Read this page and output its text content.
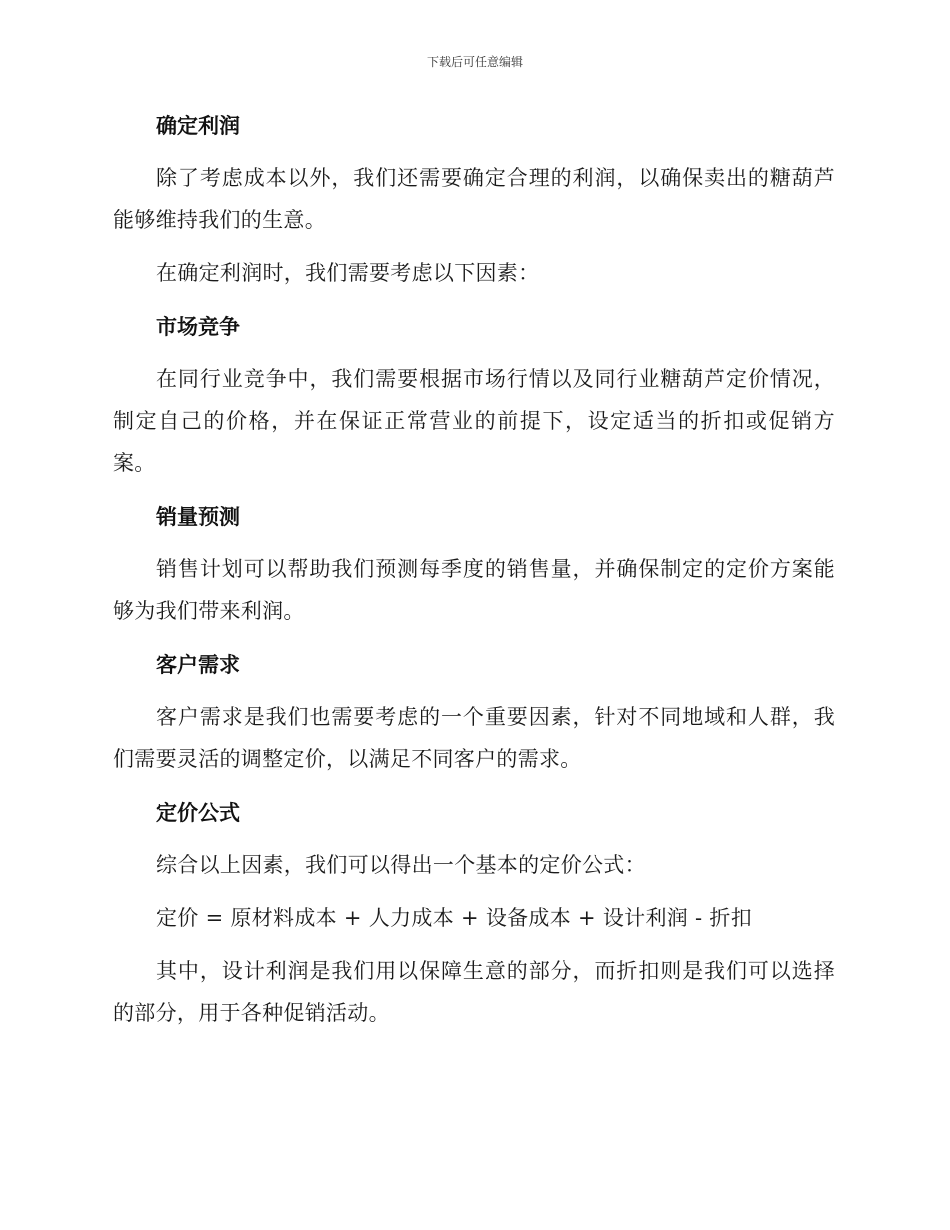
下载后可任意编辑
确定利润

除了考虑成本以外，我们还需要确定合理的利润，以确保卖出的糖葫芦能够维持我们的生意。

在确定利润时，我们需要考虑以下因素：

市场竞争

在同行业竞争中，我们需要根据市场行情以及同行业糖葫芦定价情况，制定自己的价格，并在保证正常营业的前提下，设定适当的折扣或促销方案。

销量预测

销售计划可以帮助我们预测每季度的销售量，并确保制定的定价方案能够为我们带来利润。

客户需求

客户需求是我们也需要考虑的一个重要因素，针对不同地域和人群，我们需要灵活的调整定价，以满足不同客户的需求。

定价公式

综合以上因素，我们可以得出一个基本的定价公式：

定价 = 原材料成本 + 人力成本 + 设备成本 + 设计利润 - 折扣

其中，设计利润是我们用以保障生意的部分，而折扣则是我们可以选择的部分，用于各种促销活动。
